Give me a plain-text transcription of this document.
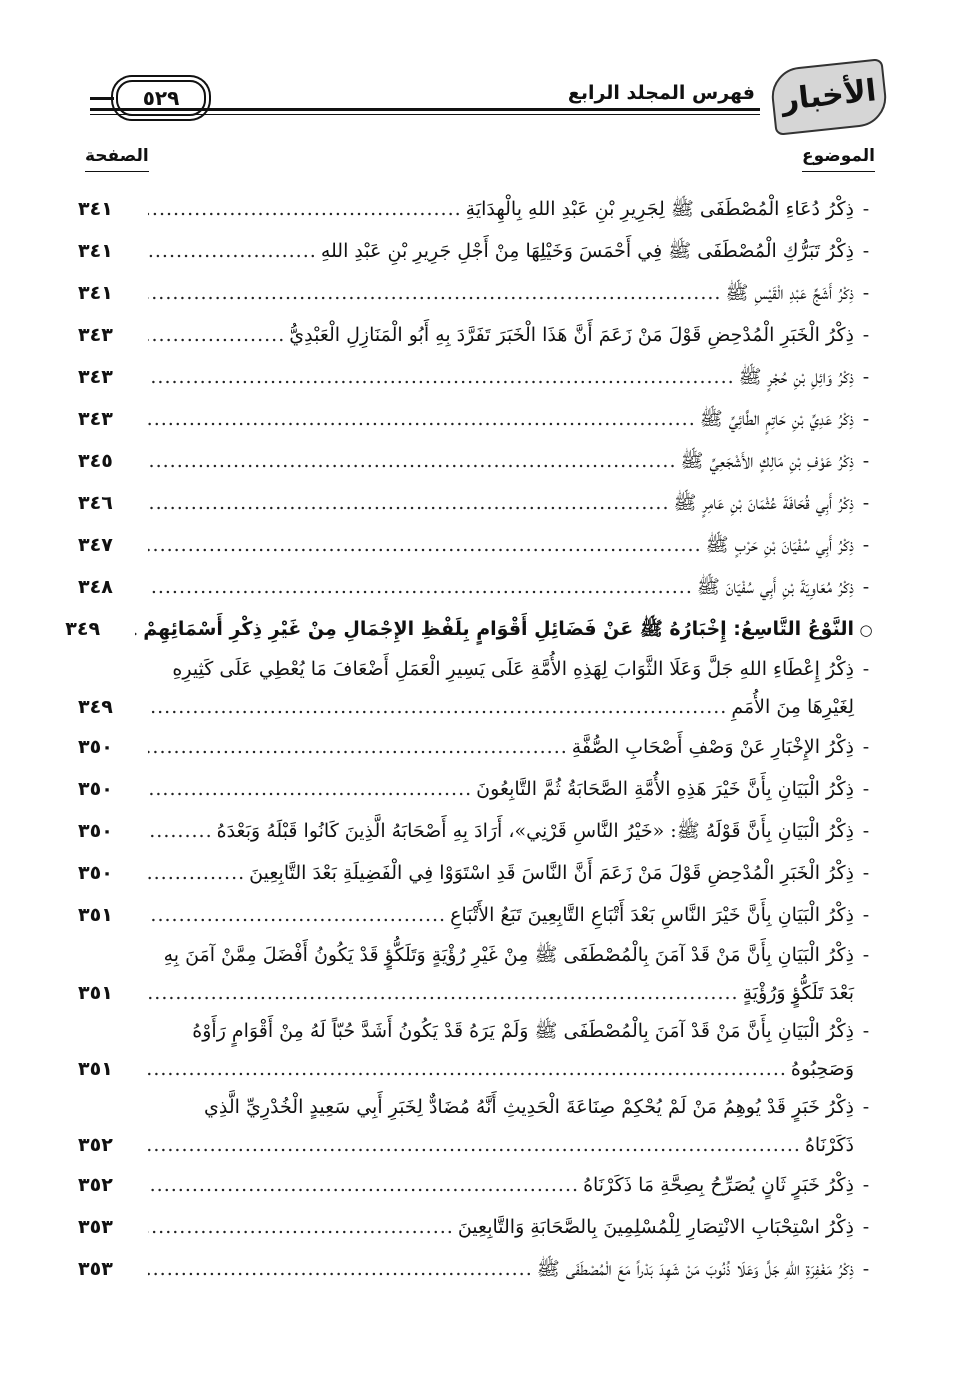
الأخبار
فهرس المجلد الرابع
٥٢٩
الموضوع
الصفحة
-
ذِكْرُ دُعَاءِ الْمُصْطَفَى ﷺ لِجَرِيرِ بْنِ عَبْدِ اللهِ بِالْهِدَايَةِ
.....
٣٤١
-
ذِكْرُ تَبَرُّكِ الْمُصْطَفَى ﷺ فِي أَحْمَسَ وَخَيْلِهَا مِنْ أَجْلِ جَرِيرِ بْنِ عَبْدِ اللهِ
.....
٣٤١
-
ذِكْرُ أَشَجِّ عَبْدِ الْقَيْسِ ﷺ
.....
٣٤١
-
ذِكْرُ الْخَبَرِ الْمُدْحِضِ قَوْلَ مَنْ زَعَمَ أَنَّ هَذَا الْخَبَرَ تَفَرَّدَ بِهِ أَبُو الْمَنَازِلِ الْعَبْدِيُّ
.....
٣٤٣
-
ذِكْرُ وَائِلِ بْنِ حُجْرٍ ﷺ
.....
٣٤٣
-
ذِكْرُ عَدِيِّ بْنِ حَاتِمٍ الطَّائِيِّ ﷺ
.....
٣٤٣
-
ذِكْرُ عَوْفِ بْنِ مَالِكٍ الأَشْجَعِيِّ ﷺ
.....
٣٤٥
-
ذِكْرُ أَبِي قُحَافَةَ عُثْمَانَ بْنِ عَامِرٍ ﷺ
.....
٣٤٦
-
ذِكْرُ أَبِي سُفْيَانَ بْنِ حَرْبٍ ﷺ
.....
٣٤٧
-
ذِكْرُ مُعَاوِيَةَ بْنِ أَبِي سُفْيَانَ ﷺ
.....
٣٤٨
○
النَّوْعُ التَّاسِعُ: إِخْبَارُهُ ﷺ عَنْ فَضَائِلِ أَقْوَامٍ بِلَفْظِ الإِجْمَالِ مِنْ غَيْرِ ذِكْرِ أَسْمَائِهِمْ
.....
٣٤٩
-
ذِكْرُ إِعْطَاءِ اللهِ جَلَّ وَعَلَا الثَّوَابَ لِهَذِهِ الأُمَّةِ عَلَى يَسِيرِ الْعَمَلِ أَضْعَافَ مَا يُعْطِي عَلَى كَثِيرِهِ
لِغَيْرِهَا مِنَ الأُمَمِ
.....
٣٤٩
-
ذِكْرُ الإِخْبَارِ عَنْ وَصْفِ أَصْحَابِ الصُّفَّةِ
.....
٣٥٠
-
ذِكْرُ الْبَيَانِ بِأَنَّ خَيْرَ هَذِهِ الأُمَّةِ الصَّحَابَةُ ثُمَّ التَّابِعُونَ
.....
٣٥٠
-
ذِكْرُ الْبَيَانِ بِأَنَّ قَوْلَهُ ﷺ: «خَيْرُ النَّاسِ قَرْنِي»، أَرَادَ بِهِ أَصْحَابَهُ الَّذِينَ كَانُوا قَبْلَهُ وَبَعْدَهُ
.....
٣٥٠
-
ذِكْرُ الْخَبَرِ الْمُدْحِضِ قَوْلَ مَنْ زَعَمَ أَنَّ النَّاسَ قَدِ اسْتَوَوْا فِي الْفَضِيلَةِ بَعْدَ التَّابِعِينَ
.....
٣٥٠
-
ذِكْرُ الْبَيَانِ بِأَنَّ خَيْرَ النَّاسِ بَعْدَ أَتْبَاعِ التَّابِعِينَ تَبَعُ الأَتْبَاعِ
.....
٣٥١
-
ذِكْرُ الْبَيَانِ بِأَنَّ مَنْ قَدْ آمَنَ بِالْمُصْطَفَى ﷺ مِنْ غَيْرِ رُؤْيَةٍ وَتَلَكُّؤٍ قَدْ يَكُونُ أَفْضَلَ مِمَّنْ آمَنَ بِهِ
بَعْدَ تَلَكُّؤٍ وَرُؤْيَةٍ
.....
٣٥١
-
ذِكْرُ الْبَيَانِ بِأَنَّ مَنْ قَدْ آمَنَ بِالْمُصْطَفَى ﷺ وَلَمْ يَرَهُ قَدْ يَكُونُ أَشَدَّ حُبّاً لَهُ مِنْ أَقْوَامٍ رَأَوْهُ
وَصَحِبُوهُ
.....
٣٥١
-
ذِكْرُ خَبَرٍ قَدْ يُوهِمُ مَنْ لَمْ يُحْكِمْ صِنَاعَةَ الْحَدِيثِ أَنَّهُ مُضَادٌّ لِخَبَرِ أَبِي سَعِيدٍ الْخُدْرِيِّ الَّذِي
ذَكَرْنَاهُ
.....
٣٥٢
-
ذِكْرُ خَبَرٍ ثَانٍ يُصَرِّحُ بِصِحَّةِ مَا ذَكَرْنَاهُ
.....
٣٥٢
-
ذِكْرُ اسْتِحْبَابِ الانْتِصَارِ لِلْمُسْلِمِينَ بِالصَّحَابَةِ وَالتَّابِعِينَ
.....
٣٥٣
-
ذِكْرُ مَغْفِرَةِ اللهِ جَلَّ وَعَلَا ذُنُوبَ مَنْ شَهِدَ بَدْراً مَعَ الْمُصْطَفَى ﷺ
.....
٣٥٣
